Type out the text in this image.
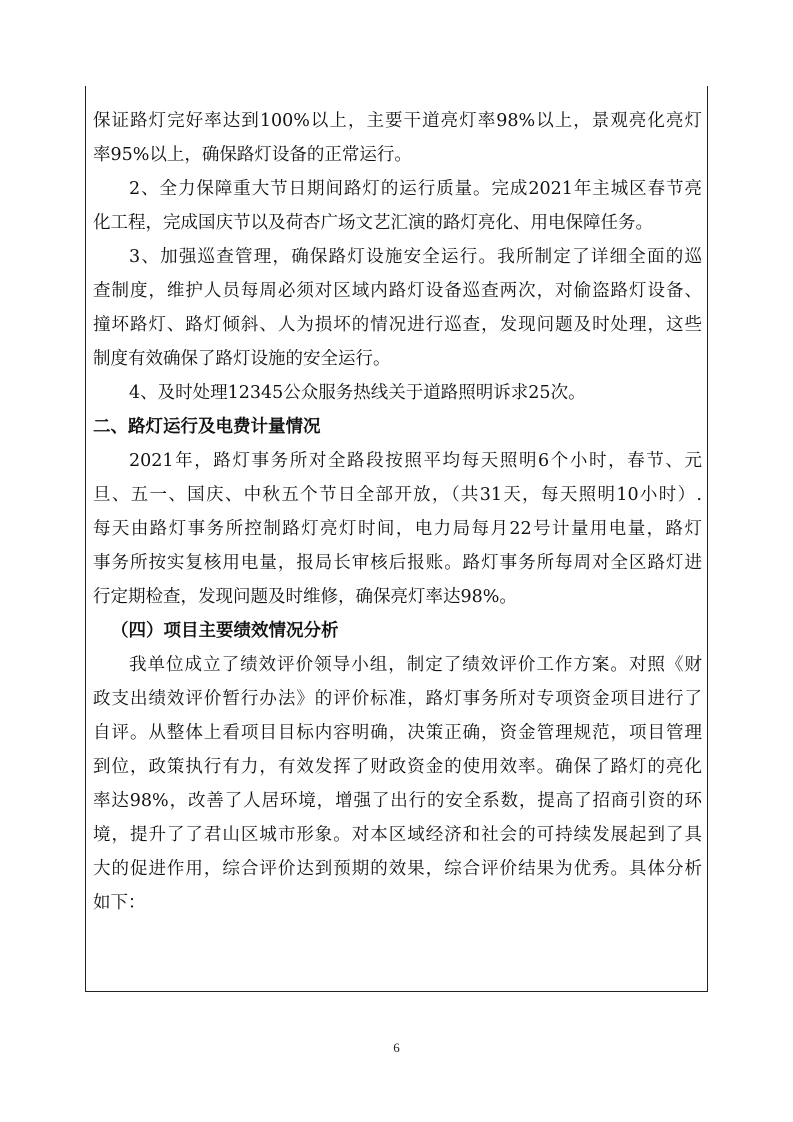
保证路灯完好率达到100%以上，主要干道亮灯率98%以上，景观亮化亮灯

率95%以上，确保路灯设备的正常运行。

2、全力保障重大节日期间路灯的运行质量。完成2021年主城区春节亮

化工程，完成国庆节以及荷杏广场文艺汇演的路灯亮化、用电保障任务。

3、加强巡查管理，确保路灯设施安全运行。我所制定了详细全面的巡

查制度，维护人员每周必须对区域内路灯设备巡查两次，对偷盗路灯设备、

撞坏路灯、路灯倾斜、人为损坏的情况进行巡查，发现问题及时处理，这些

制度有效确保了路灯设施的安全运行。

4、及时处理12345公众服务热线关于道路照明诉求25次。

二、路灯运行及电费计量情况

2021年，路灯事务所对全路段按照平均每天照明6个小时，春节、元

旦、五一、国庆、中秋五个节日全部开放，（共31天，每天照明10小时）.

每天由路灯事务所控制路灯亮灯时间，电力局每月22号计量用电量，路灯

事务所按实复核用电量，报局长审核后报账。路灯事务所每周对全区路灯进

行定期检查，发现问题及时维修，确保亮灯率达98%。

（四）项目主要绩效情况分析

我单位成立了绩效评价领导小组，制定了绩效评价工作方案。对照《财

政支出绩效评价暂行办法》的评价标准，路灯事务所对专项资金项目进行了

自评。从整体上看项目目标内容明确，决策正确，资金管理规范，项目管理

到位，政策执行有力，有效发挥了财政资金的使用效率。确保了路灯的亮化

率达98%，改善了人居环境，增强了出行的安全系数，提高了招商引资的环

境，提升了了君山区城市形象。对本区域经济和社会的可持续发展起到了具

大的促进作用，综合评价达到预期的效果，综合评价结果为优秀。具体分析

如下：

6
